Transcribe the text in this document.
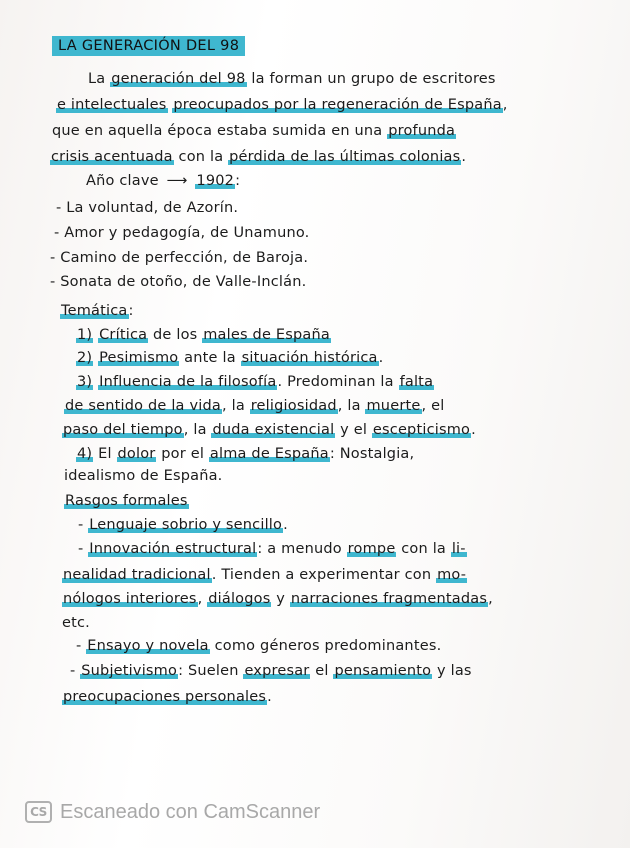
LA GENERACIÓN DEL 98
La generación del 98 la forman un grupo de escritores
e intelectuales preocupados por la regeneración de España,
que en aquella época estaba sumida en una profunda
crisis acentuada con la pérdida de las últimas colonias.
Año clave ⟶ 1902:
- La voluntad, de Azorín.
- Amor y pedagogía, de Unamuno.
- Camino de perfección, de Baroja.
- Sonata de otoño, de Valle-Inclán.
Temática:
1) Crítica de los males de España
2) Pesimismo ante la situación histórica.
3) Influencia de la filosofía. Predominan la falta
de sentido de la vida, la religiosidad, la muerte, el
paso del tiempo, la duda existencial y el escepticismo.
4) El dolor por el alma de España: Nostalgia,
idealismo de España.
Rasgos formales
- Lenguaje sobrio y sencillo.
- Innovación estructural: a menudo rompe con la li-
nealidad tradicional. Tienden a experimentar con mo-
nólogos interiores, diálogos y narraciones fragmentadas,
etc.
- Ensayo y novela como géneros predominantes.
- Subjetivismo: Suelen expresar el pensamiento y las
preocupaciones personales.
CS Escaneado con CamScanner
